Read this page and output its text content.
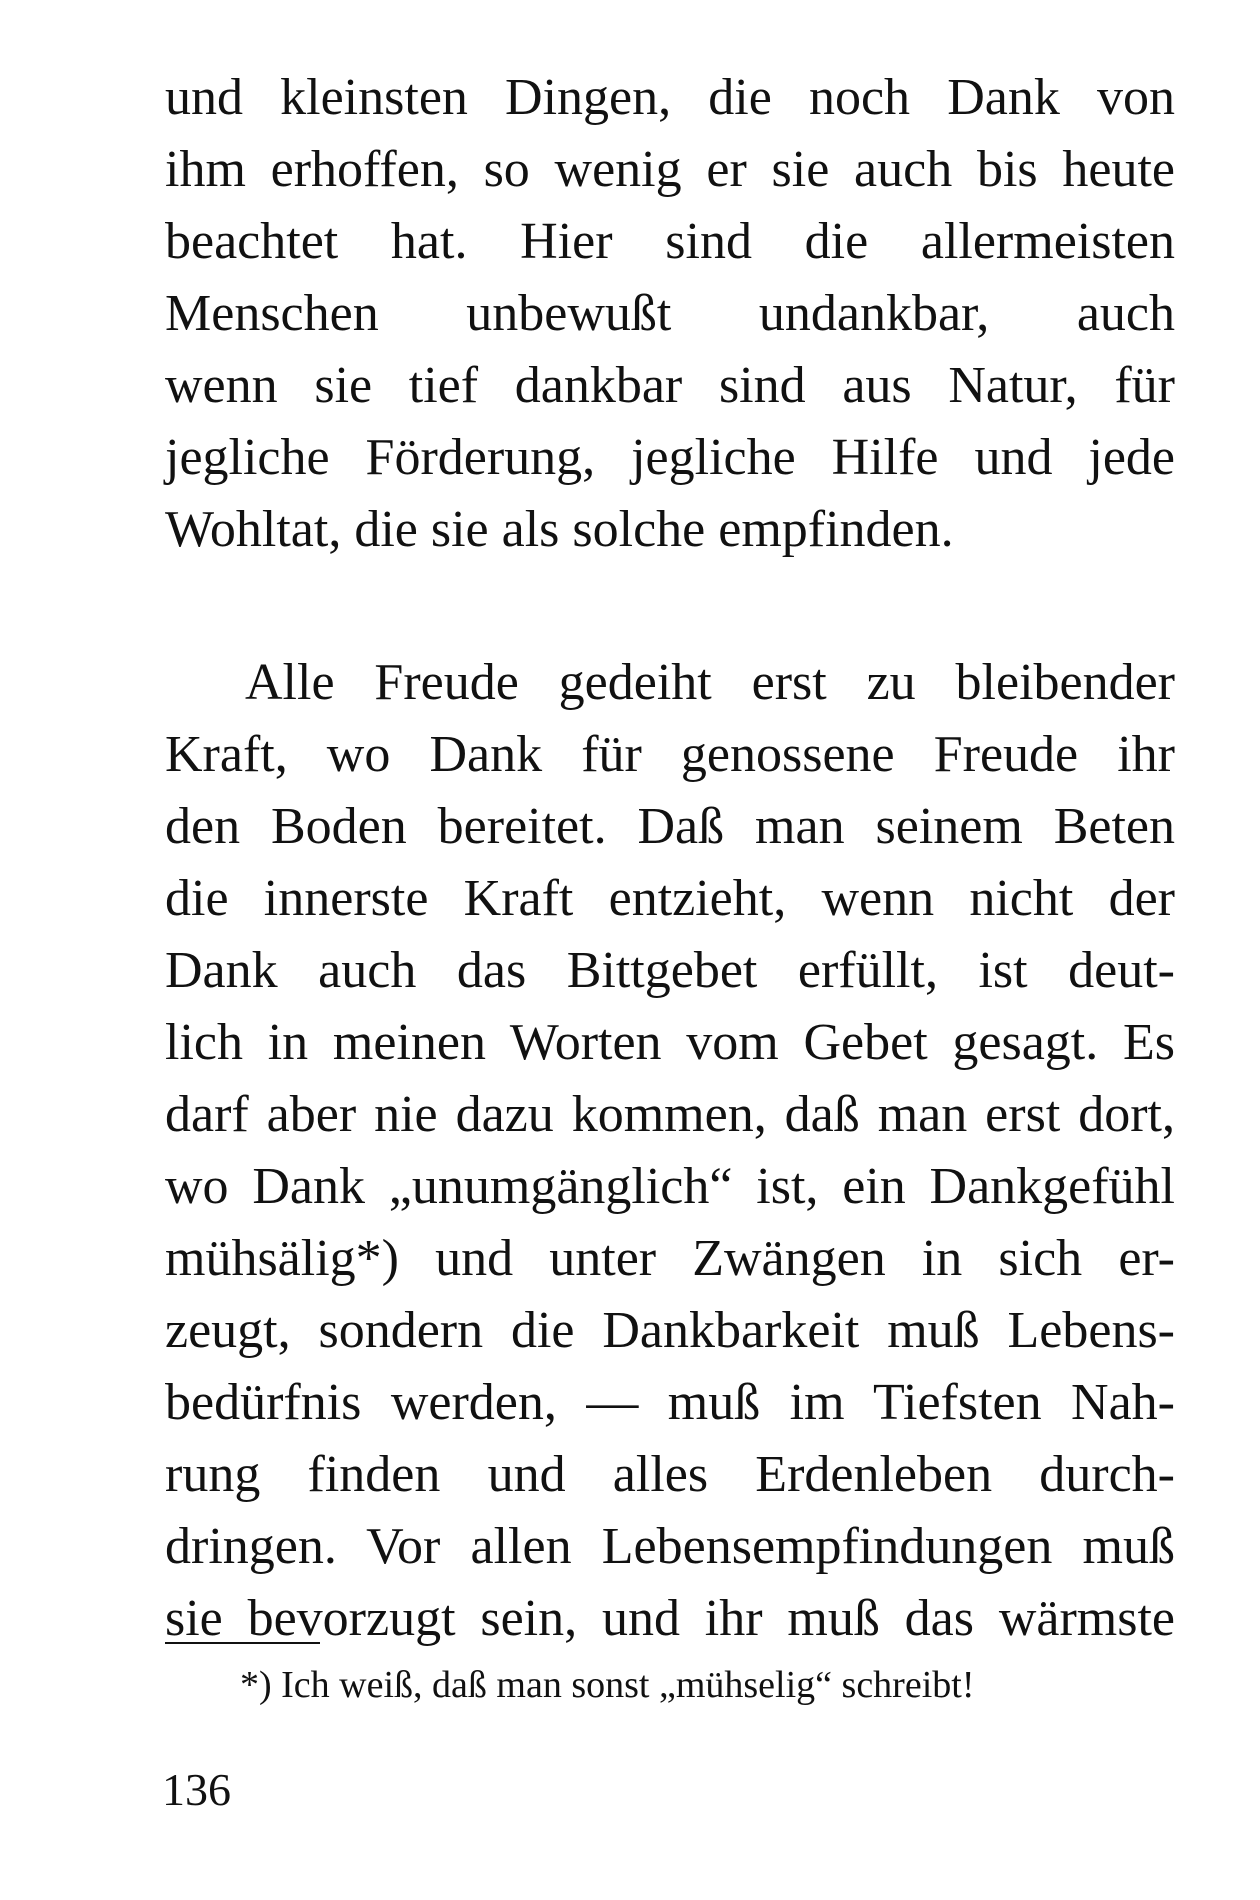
und kleinsten Dingen, die noch Dank von
ihm erhoffen, so wenig er sie auch bis heute
beachtet hat. Hier sind die allermeisten
Menschen unbewußt undankbar, auch
wenn sie tief dankbar sind aus Natur, für
jegliche Förderung, jegliche Hilfe und jede
Wohltat, die sie als solche empfinden.

Alle Freude gedeiht erst zu bleibender
Kraft, wo Dank für genossene Freude ihr
den Boden bereitet. Daß man seinem Beten
die innerste Kraft entzieht, wenn nicht der
Dank auch das Bittgebet erfüllt, ist deut-
lich in meinen Worten vom Gebet gesagt. Es
darf aber nie dazu kommen, daß man erst dort,
wo Dank „unumgänglich“ ist, ein Dankgefühl
mühsälig*) und unter Zwängen in sich er-
zeugt, sondern die Dankbarkeit muß Lebens-
bedürfnis werden, — muß im Tiefsten Nah-
rung finden und alles Erdenleben durch-
dringen. Vor allen Lebensempfindungen muß
sie bevorzugt sein, und ihr muß das wärmste

*) Ich weiß, daß man sonst „mühselig“ schreibt!
136
